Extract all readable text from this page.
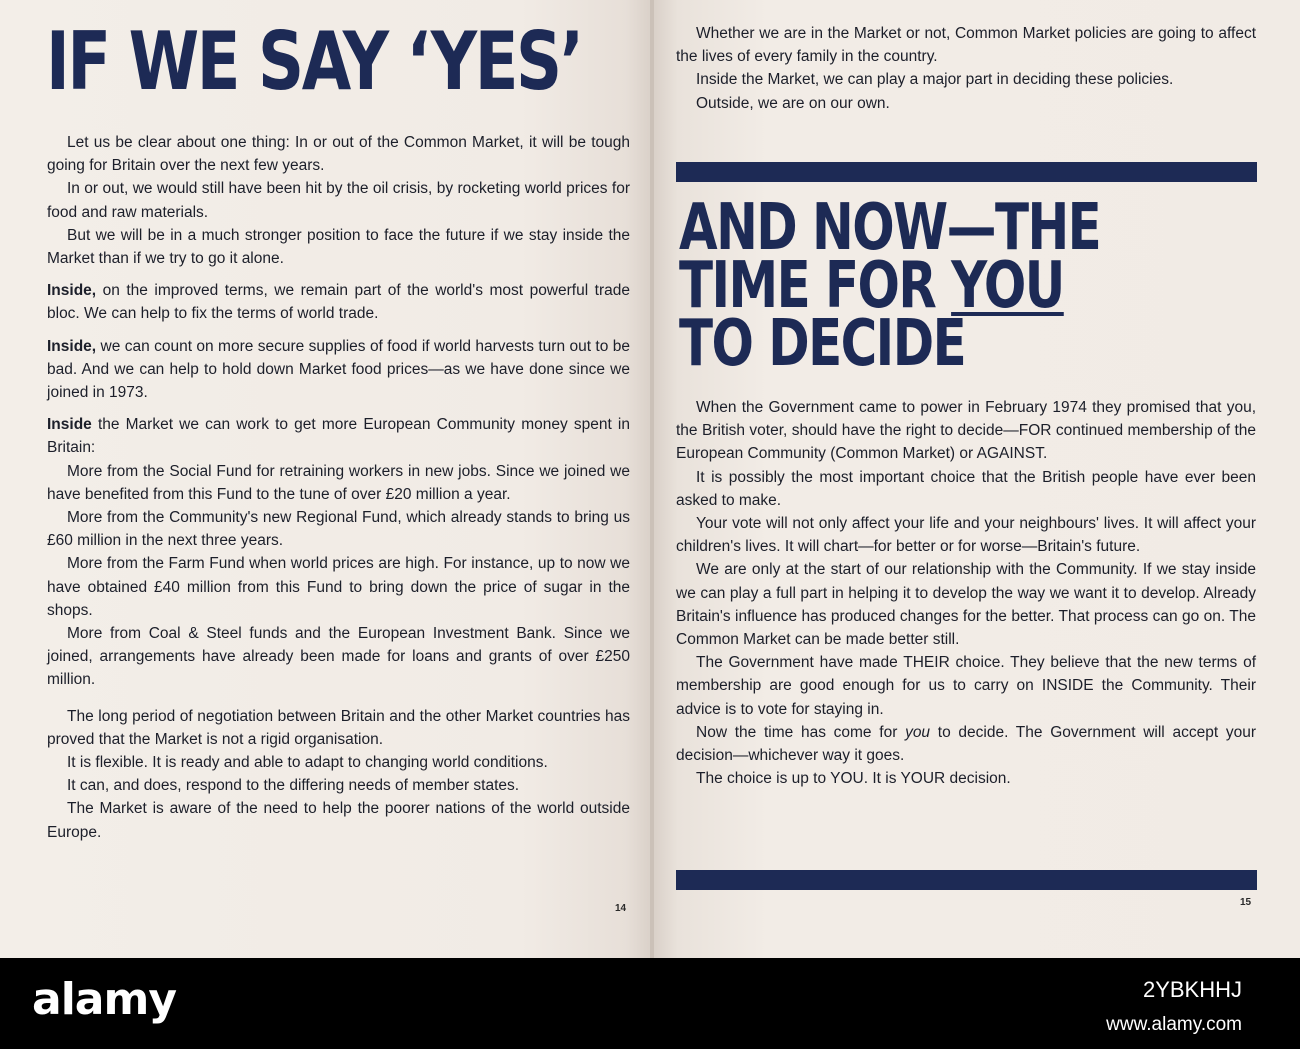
IF WE SAY ‘YES’

Let us be clear about one thing: In or out of the Common Market, it will be tough going for Britain over the next few years.

In or out, we would still have been hit by the oil crisis, by rocketing world prices for food and raw materials.

But we will be in a much stronger position to face the future if we stay inside the Market than if we try to go it alone.

Inside, on the improved terms, we remain part of the world's most powerful trade bloc. We can help to fix the terms of world trade.

Inside, we can count on more secure supplies of food if world harvests turn out to be bad. And we can help to hold down Market food prices—as we have done since we joined in 1973.

Inside the Market we can work to get more European Community money spent in Britain:

More from the Social Fund for retraining workers in new jobs. Since we joined we have benefited from this Fund to the tune of over £20 million a year.

More from the Community's new Regional Fund, which already stands to bring us £60 million in the next three years.

More from the Farm Fund when world prices are high. For instance, up to now we have obtained £40 million from this Fund to bring down the price of sugar in the shops.

More from Coal & Steel funds and the European Investment Bank. Since we joined, arrangements have already been made for loans and grants of over £250 million.

The long period of negotiation between Britain and the other Market countries has proved that the Market is not a rigid organisation.

It is flexible. It is ready and able to adapt to changing world conditions.

It can, and does, respond to the differing needs of member states.

The Market is aware of the need to help the poorer nations of the world outside Europe.

14

Whether we are in the Market or not, Common Market policies are going to affect the lives of every family in the country.

Inside the Market, we can play a major part in deciding these policies.

Outside, we are on our own.

AND NOW—THE
TIME FOR YOU
TO DECIDE

When the Government came to power in February 1974 they promised that you, the British voter, should have the right to decide—FOR continued membership of the European Community (Common Market) or AGAINST.

It is possibly the most important choice that the British people have ever been asked to make.

Your vote will not only affect your life and your neighbours' lives. It will affect your children's lives. It will chart—for better or for worse—Britain's future.

We are only at the start of our relationship with the Community. If we stay inside we can play a full part in helping it to develop the way we want it to develop. Already Britain's influence has produced changes for the better. That process can go on. The Common Market can be made better still.

The Government have made THEIR choice. They believe that the new terms of membership are good enough for us to carry on INSIDE the Community. Their advice is to vote for staying in.

Now the time has come for you to decide. The Government will accept your decision—whichever way it goes.

The choice is up to YOU. It is YOUR decision.

15
alamy	2YBKHHJ
www.alamy.com
